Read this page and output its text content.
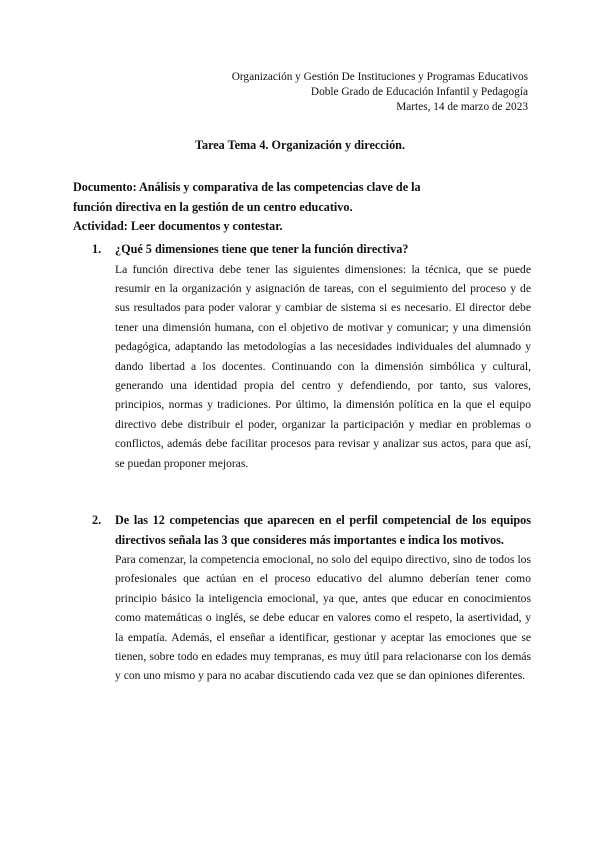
Organización y Gestión De Instituciones y Programas Educativos
Doble Grado de Educación Infantil y Pedagogía
Martes, 14 de marzo de 2023
Tarea Tema 4. Organización y dirección.
Documento: Análisis y comparativa de las competencias clave de la
función directiva en la gestión de un centro educativo.
Actividad: Leer documentos y contestar.
1. ¿Qué 5 dimensiones tiene que tener la función directiva?
La función directiva debe tener las siguientes dimensiones: la técnica, que se puede resumir en la organización y asignación de tareas, con el seguimiento del proceso y de sus resultados para poder valorar y cambiar de sistema si es necesario. El director debe tener una dimensión humana, con el objetivo de motivar y comunicar; y una dimensión pedagógica, adaptando las metodologías a las necesidades individuales del alumnado y dando libertad a los docentes. Continuando con la dimensión simbólica y cultural, generando una identidad propia del centro y defendiendo, por tanto, sus valores, principios, normas y tradiciones. Por último, la dimensión política en la que el equipo directivo debe distribuir el poder, organizar la participación y mediar en problemas o conflictos, además debe facilitar procesos para revisar y analizar sus actos, para que así, se puedan proponer mejoras.
2. De las 12 competencias que aparecen en el perfil competencial de los equipos directivos señala las 3 que consideres más importantes e indica los motivos.
Para comenzar, la competencia emocional, no solo del equipo directivo, sino de todos los profesionales que actúan en el proceso educativo del alumno deberían tener como principio básico la inteligencia emocional, ya que, antes que educar en conocimientos como matemáticas o inglés, se debe educar en valores como el respeto, la asertividad, y la empatía. Además, el enseñar a identificar, gestionar y aceptar las emociones que se tienen, sobre todo en edades muy tempranas, es muy útil para relacionarse con los demás y con uno mismo y para no acabar discutiendo cada vez que se dan opiniones diferentes.
